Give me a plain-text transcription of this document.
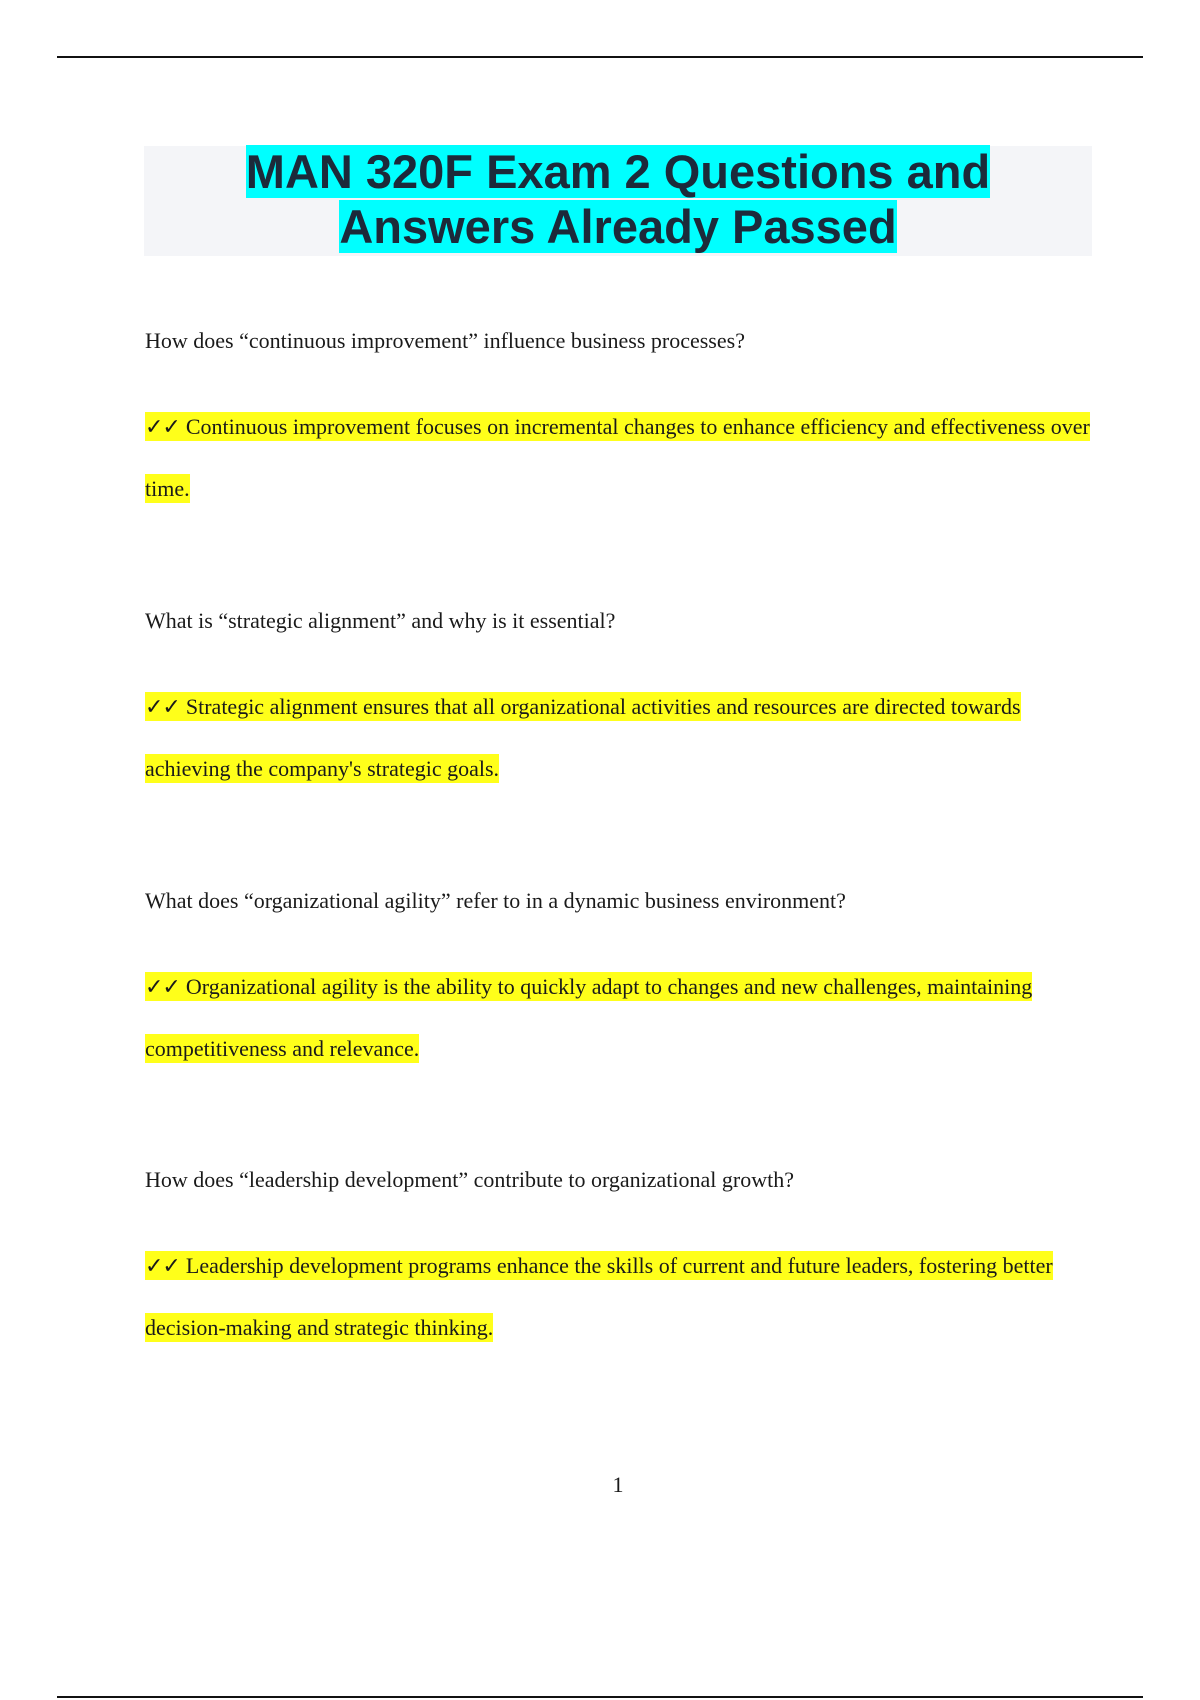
MAN 320F Exam 2 Questions and
Answers Already Passed

How does “continuous improvement” influence business processes?

✓✓ Continuous improvement focuses on incremental changes to enhance efficiency and effectiveness over time.

What is “strategic alignment” and why is it essential?

✓✓ Strategic alignment ensures that all organizational activities and resources are directed towards achieving the company's strategic goals.

What does “organizational agility” refer to in a dynamic business environment?

✓✓ Organizational agility is the ability to quickly adapt to changes and new challenges, maintaining competitiveness and relevance.

How does “leadership development” contribute to organizational growth?

✓✓ Leadership development programs enhance the skills of current and future leaders, fostering better decision-making and strategic thinking.

1
